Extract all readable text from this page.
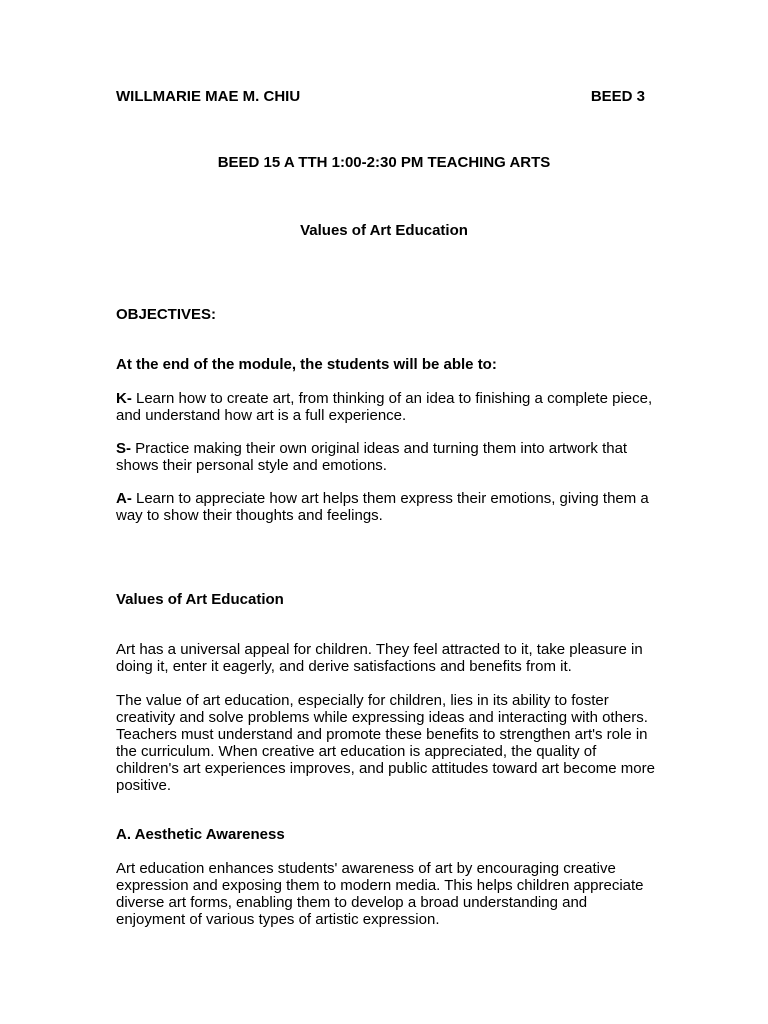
WILLMARIE MAE M. CHIU	BEED 3
BEED 15 A TTH 1:00-2:30 PM TEACHING ARTS
Values of Art Education
OBJECTIVES:
At the end of the module, the students will be able to:

K- Learn how to create art, from thinking of an idea to finishing a complete piece, and understand how art is a full experience.

S- Practice making their own original ideas and turning them into artwork that shows their personal style and emotions.

A- Learn to appreciate how art helps them express their emotions, giving them a way to show their thoughts and feelings.

Values of Art Education

Art has a universal appeal for children. They feel attracted to it, take pleasure in doing it, enter it eagerly, and derive satisfactions and benefits from it.

The value of art education, especially for children, lies in its ability to foster creativity and solve problems while expressing ideas and interacting with others. Teachers must understand and promote these benefits to strengthen art's role in the curriculum. When creative art education is appreciated, the quality of children's art experiences improves, and public attitudes toward art become more positive.

A. Aesthetic Awareness

Art education enhances students' awareness of art by encouraging creative expression and exposing them to modern media. This helps children appreciate diverse art forms, enabling them to develop a broad understanding and enjoyment of various types of artistic expression.
